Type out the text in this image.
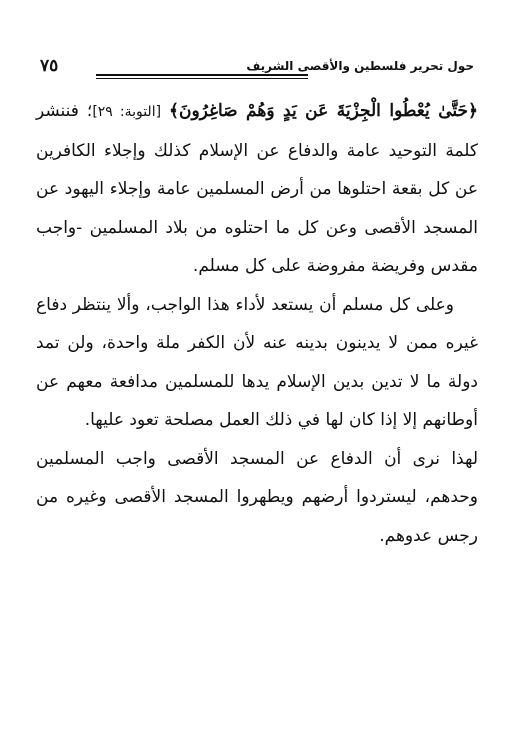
حول تحرير فلسطين والأقصى الشريف
٧٥

﴿حَتَّىٰ يُعْطُوا الْجِزْيَةَ عَن يَدٍ وَهُمْ صَاغِرُونَ﴾ [التوبة: ٢٩]؛ فننشر كلمة التوحيد عامة والدفاع عن الإسلام كذلك وإجلاء الكافرين عن كل بقعة احتلوها من أرض المسلمين عامة وإجلاء اليهود عن المسجد الأقصى وعن كل ما احتلوه من بلاد المسلمين -واجب مقدس وفريضة مفروضة على كل مسلم.

وعلى كل مسلم أن يستعد لأداء هذا الواجب، وألا ينتظر دفاع غيره ممن لا يدينون بدينه عنه لأن الكفر ملة واحدة، ولن تمد دولة ما لا تدين بدين الإسلام يدها للمسلمين مدافعة معهم عن أوطانهم إلا إذا كان لها في ذلك العمل مصلحة تعود عليها.

لهذا نرى أن الدفاع عن المسجد الأقصى واجب المسلمين وحدهم، ليستردوا أرضهم ويطهروا المسجد الأقصى وغيره من رجس عدوهم.
